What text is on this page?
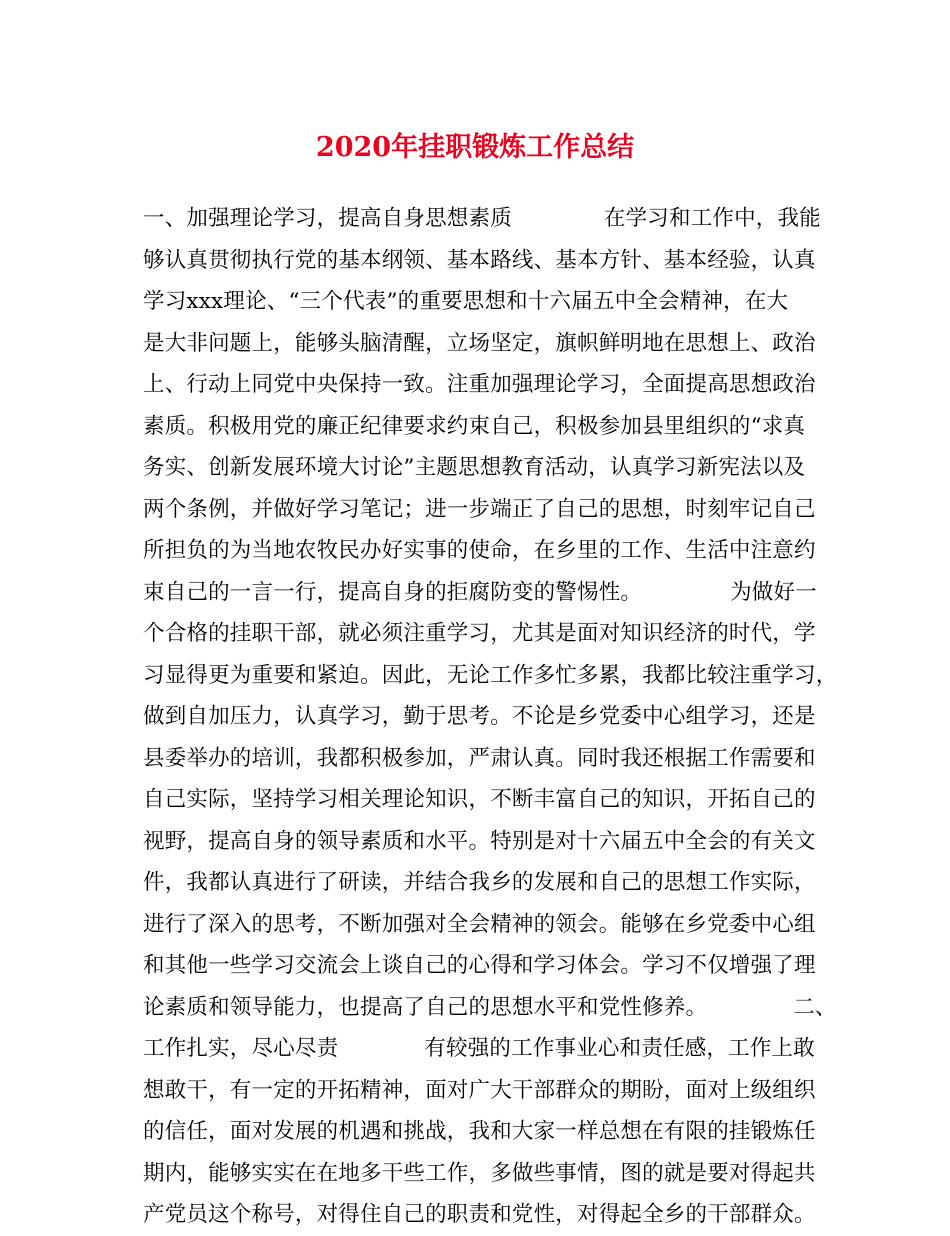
2020年挂职锻炼工作总结
一、加强理论学习，提高自身思想素质	在学习和工作中，我能
够认真贯彻执行党的基本纲领、基本路线、基本方针、基本经验，认真
学习xxx理论、“三个代表”的重要思想和十六届五中全会精神，在大
是大非问题上，能够头脑清醒，立场坚定，旗帜鲜明地在思想上、政治
上、行动上同党中央保持一致。注重加强理论学习，全面提高思想政治
素质。积极用党的廉正纪律要求约束自己，积极参加县里组织的“求真
务实、创新发展环境大讨论”主题思想教育活动，认真学习新宪法以及
两个条例，并做好学习笔记；进一步端正了自己的思想，时刻牢记自己
所担负的为当地农牧民办好实事的使命，在乡里的工作、生活中注意约
束自己的一言一行，提高自身的拒腐防变的警惕性。	为做好一
个合格的挂职干部，就必须注重学习，尤其是面对知识经济的时代，学
习显得更为重要和紧迫。因此，无论工作多忙多累，我都比较注重学习，
做到自加压力，认真学习，勤于思考。不论是乡党委中心组学习，还是
县委举办的培训，我都积极参加，严肃认真。同时我还根据工作需要和
自己实际，坚持学习相关理论知识，不断丰富自己的知识，开拓自己的
视野，提高自身的领导素质和水平。特别是对十六届五中全会的有关文
件，我都认真进行了研读，并结合我乡的发展和自己的思想工作实际，
进行了深入的思考，不断加强对全会精神的领会。能够在乡党委中心组
和其他一些学习交流会上谈自己的心得和学习体会。学习不仅增强了理
论素质和领导能力，也提高了自己的思想水平和党性修养。	二、
工作扎实，尽心尽责	有较强的工作事业心和责任感，工作上敢
想敢干，有一定的开拓精神，面对广大干部群众的期盼，面对上级组织
的信任，面对发展的机遇和挑战，我和大家一样总想在有限的挂锻炼任
期内，能够实实在在地多干些工作，多做些事情，图的就是要对得起共
产党员这个称号，对得住自己的职责和党性，对得起全乡的干部群众。
